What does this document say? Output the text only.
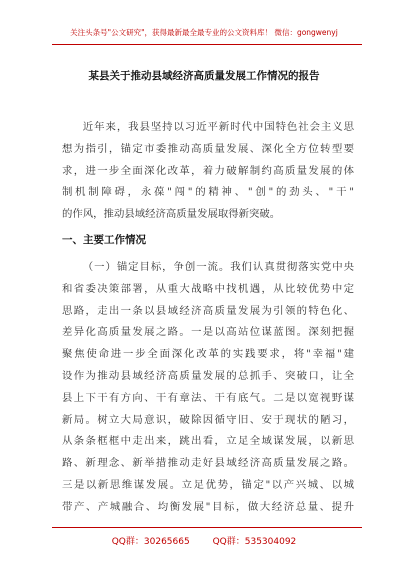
关注头条号"公文研究"，获得最新最全最专业的公文资料库！ 微信：gongwenyj
某县关于推动县域经济高质量发展工作情况的报告
近年来，我县坚持以习近平新时代中国特色社会主义思
想为指引，锚定市委推动高质量发展、深化全方位转型要
求，进一步全面深化改革，着力破解制约高质量发展的体
制机制障碍，永葆"闯"的精神、"创"的劲头、"干"
的作风，推动县域经济高质量发展取得新突破。
一、主要工作情况
（一）锚定目标，争创一流。我们认真贯彻落实党中央
和省委决策部署，从重大战略中找机遇，从比较优势中定
思路，走出一条以县域经济高质量发展为引领的特色化、
差异化高质量发展之路。一是以高站位谋蓝图。深刻把握
聚焦使命进一步全面深化改革的实践要求，将"幸福"建
设作为推动县域经济高质量发展的总抓手、突破口，让全
县上下干有方向、干有章法、干有底气。二是以宽视野谋
新局。树立大局意识，破除因循守旧、安于现状的陋习，
从条条框框中走出来，跳出看，立足全域谋发展，以新思
路、新理念、新举措推动走好县域经济高质量发展之路。
三是以新思维谋发展。立足优势，锚定"以产兴城、以城
带产、产城融合、均衡发展"目标，做大经济总量、提升
QQ群：30265665	QQ群：535304092
